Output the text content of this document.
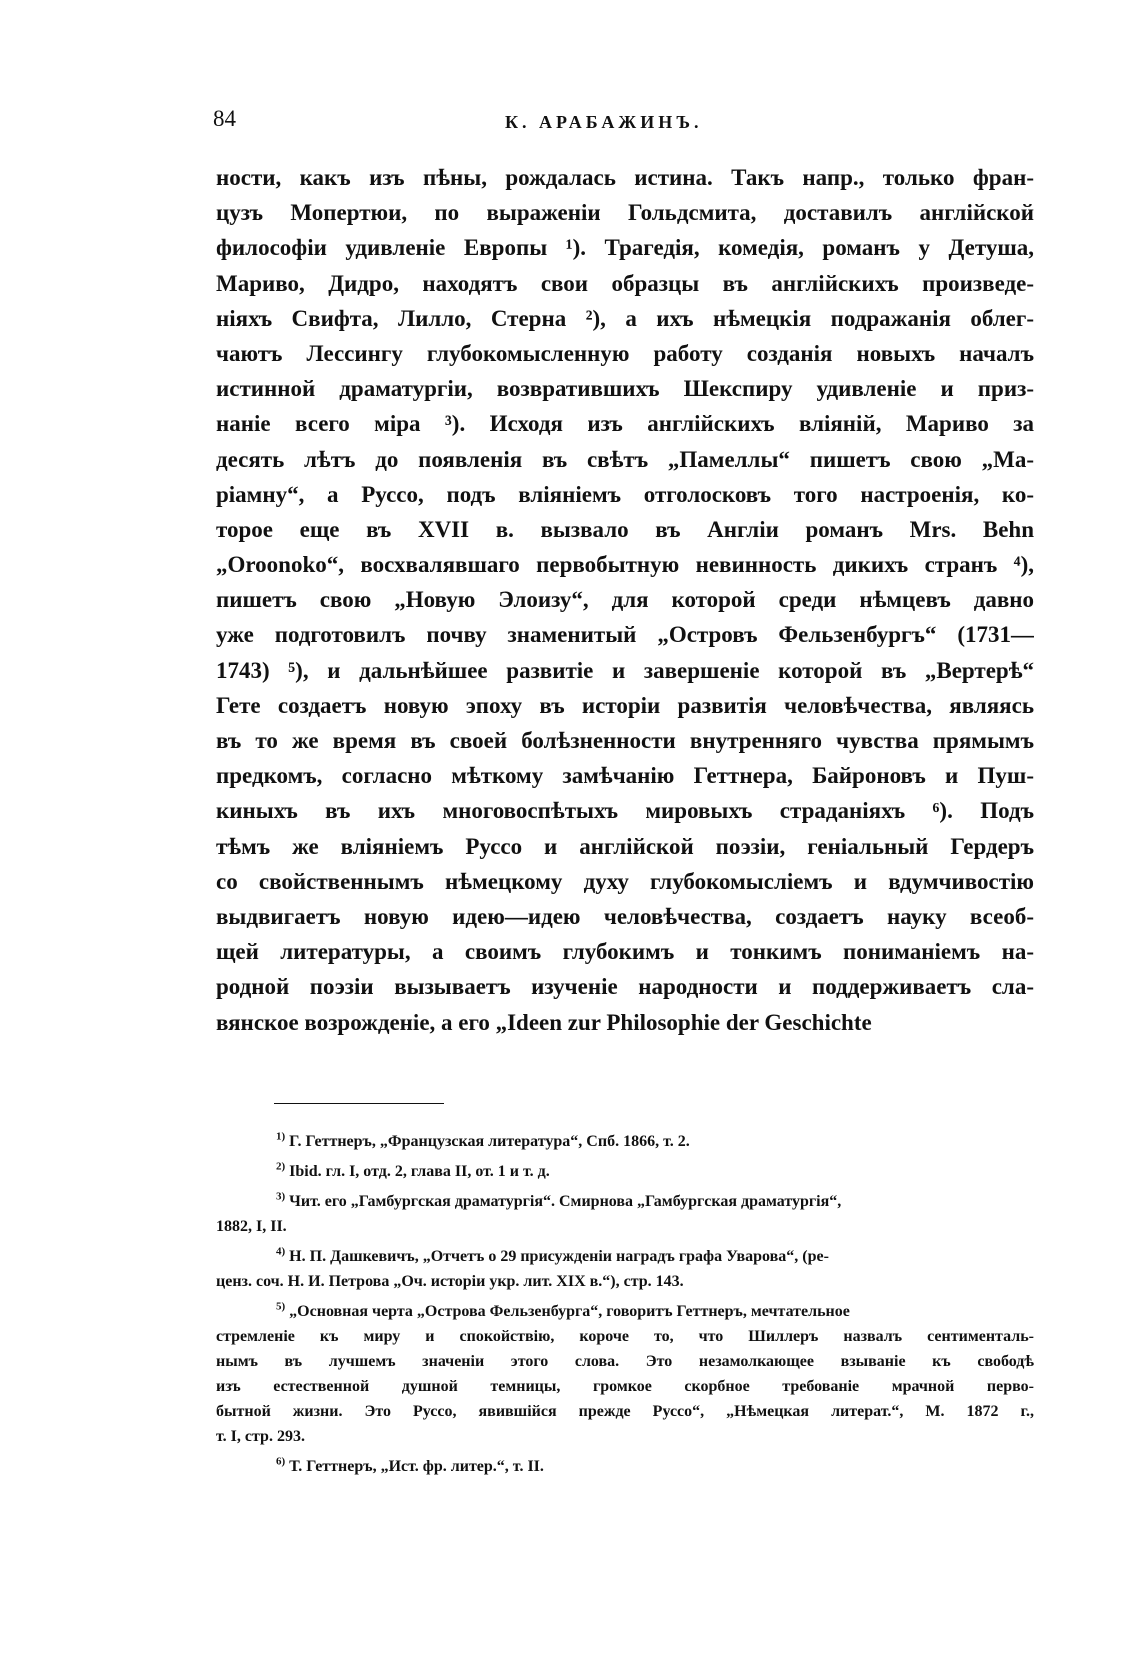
84	К. АРАБАЖИНЪ.
ности, какъ изъ пѣны, рождалась истина. Такъ напр., только фран-
цузъ Мопертюи, по выраженіи Гольдсмита, доставилъ англійской
философіи удивленіе Европы ¹). Трагедія, комедія, романъ у Детуша,
Мариво, Дидро, находятъ свои образцы въ англійскихъ произведе-
ніяхъ Свифта, Лилло, Стерна ²), а ихъ нѣмецкія подражанія облег-
чаютъ Лессингу глубокомысленную работу созданія новыхъ началъ
истинной драматургіи, возвратившихъ Шекспиру удивленіе и приз-
наніе всего міра ³). Исходя изъ англійскихъ вліяній, Мариво за
десять лѣтъ до появленія въ свѣтъ „Памеллы“ пишетъ свою „Ма-
ріамну“, а Руссо, подъ вліяніемъ отголосковъ того настроенія, ко-
торое еще въ XVII в. вызвало въ Англіи романъ Mrs. Behn
„Oroonoko“, восхвалявшаго первобытную невинность дикихъ странъ ⁴),
пишетъ свою „Новую Элоизу“, для которой среди нѣмцевъ давно
уже подготовилъ почву знаменитый „Островъ Фельзенбургъ“ (1731—
1743) ⁵), и дальнѣйшее развитіе и завершеніе которой въ „Вертерѣ“
Гете создаетъ новую эпоху въ исторіи развитія человѣчества, являясь
въ то же время въ своей болѣзненности внутренняго чувства прямымъ
предкомъ, согласно мѣткому замѣчанію Геттнера, Байроновъ и Пуш-
киныхъ въ ихъ многовоспѣтыхъ мировыхъ страданіяхъ ⁶). Подъ
тѣмъ же вліяніемъ Руссо и англійской поэзіи, геніальный Гердеръ
со свойственнымъ нѣмецкому духу глубокомысліемъ и вдумчивостію
выдвигаетъ новую идею—идею человѣчества, создаетъ науку всеоб-
щей литературы, а своимъ глубокимъ и тонкимъ пониманіемъ на-
родной поэзіи вызываетъ изученіе народности и поддерживаетъ сла-
вянское возрожденіе, а его „Ideen zur Philosophie der Geschichte
$^{1)}$ Г. Геттнеръ, „Французская литература“, Спб. 1866, т. 2.
$^{2)}$ Ibid. гл. I, отд. 2, глава II, от. 1 и т. д.
$^{3)}$ Чит. его „Гамбургская драматургія“. Смирнова „Гамбургская драматургія“,
1882, I, II.
$^{4)}$ Н. П. Дашкевичъ, „Отчетъ о 29 присужденіи наградъ графа Уварова“, (ре-
ценз. соч. Н. И. Петрова „Оч. исторіи укр. лит. XIX в.“), стр. 143.
$^{5)}$ „Основная черта „Острова Фельзенбурга“, говоритъ Геттнеръ, мечтательное
стремленіе къ миру и спокойствію, короче то, что Шиллеръ назвалъ сентименталь-
нымъ въ лучшемъ значеніи этого слова. Это незамолкающее взываніе къ свободѣ
изъ естественной душной темницы, громкое скорбное требованіе мрачной перво-
бытной жизни. Это Руссо, явившійся прежде Руссо“, „Нѣмецкая литерат.“, М. 1872 г.,
т. I, стр. 293.
$^{6)}$ Т. Геттнеръ, „Ист. фр. литер.“, т. II.
